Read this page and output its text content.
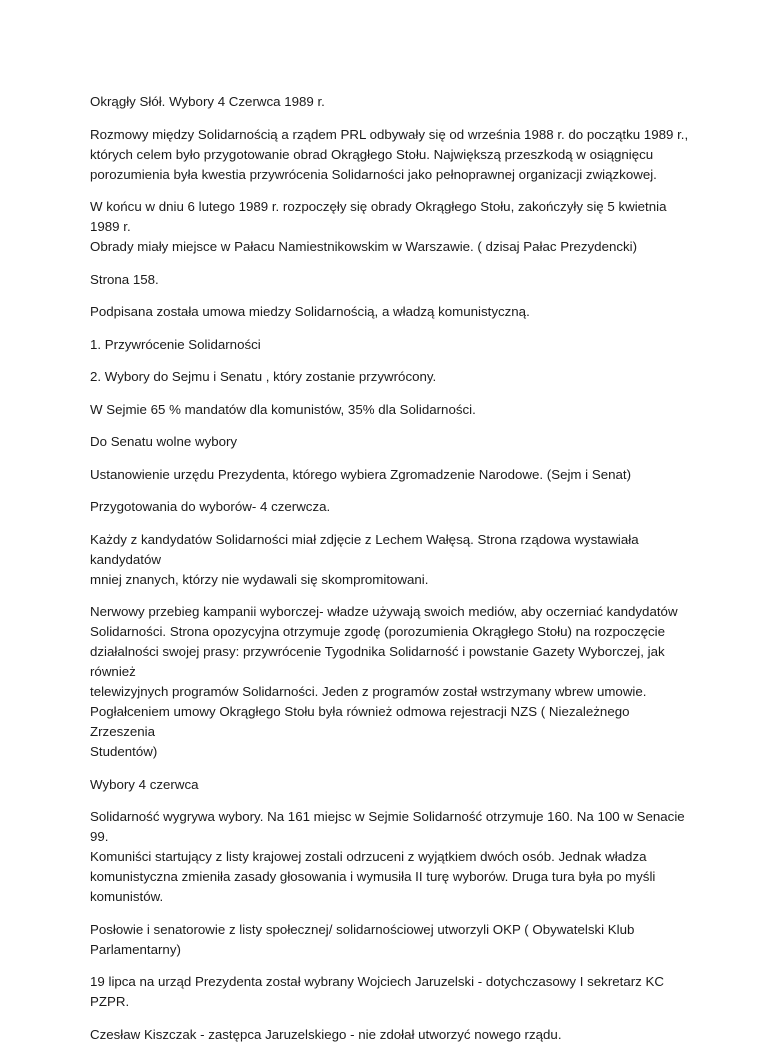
Okrągły Słół. Wybory 4 Czerwca 1989 r.

Rozmowy między Solidarnością a rządem PRL odbywały się od września 1988 r. do początku 1989 r.,
których celem było przygotowanie obrad Okrągłego Stołu. Największą przeszkodą w osiągnięcu
porozumienia była kwestia przywrócenia Solidarności jako pełnoprawnej organizacji związkowej.

W końcu w dniu 6 lutego 1989 r. rozpoczęły się obrady Okrągłego Stołu, zakończyły się 5 kwietnia 1989 r.
Obrady miały miejsce w Pałacu Namiestnikowskim w Warszawie. ( dzisaj Pałac Prezydencki)

Strona 158.

Podpisana została umowa miedzy Solidarnością, a władzą komunistyczną.

1. Przywrócenie Solidarności

2. Wybory do Sejmu i Senatu , który zostanie przywrócony.

W Sejmie 65 % mandatów dla komunistów, 35% dla Solidarności.

Do Senatu wolne wybory

Ustanowienie urzędu Prezydenta, którego wybiera Zgromadzenie Narodowe. (Sejm i Senat)

Przygotowania do wyborów- 4 czerwcza.

Każdy z kandydatów Solidarności miał zdjęcie z Lechem Wałęsą. Strona rządowa wystawiała kandydatów
mniej znanych, którzy nie wydawali się skompromitowani.

Nerwowy przebieg kampanii wyborczej- władze używają swoich mediów, aby oczerniać kandydatów
Solidarności. Strona opozycyjna otrzymuje zgodę (porozumienia Okrągłego Stołu) na rozpoczęcie
działalności swojej prasy: przywrócenie Tygodnika Solidarność i powstanie Gazety Wyborczej, jak również
telewizyjnych programów Solidarności. Jeden z programów został wstrzymany wbrew umowie.
Pogłałceniem umowy Okrągłego Stołu była również odmowa rejestracji NZS ( Niezależnego Zrzeszenia
Studentów)

Wybory 4 czerwca

Solidarność wygrywa wybory. Na 161 miejsc w Sejmie Solidarność otrzymuje 160. Na 100 w Senacie 99.
Komuniści startujący z listy krajowej zostali odrzuceni z wyjątkiem dwóch osób. Jednak władza
komunistyczna zmieniła zasady głosowania i wymusiła II turę wyborów. Druga tura była po myśli
komunistów.

Posłowie i senatorowie z listy społecznej/ solidarnościowej utworzyli OKP ( Obywatelski Klub
Parlamentarny)

19 lipca na urząd Prezydenta został wybrany Wojciech Jaruzelski - dotychczasowy I sekretarz KC PZPR.

Czesław Kiszczak - zastępca Jaruzelskiego - nie zdołał utworzyć nowego rządu.
